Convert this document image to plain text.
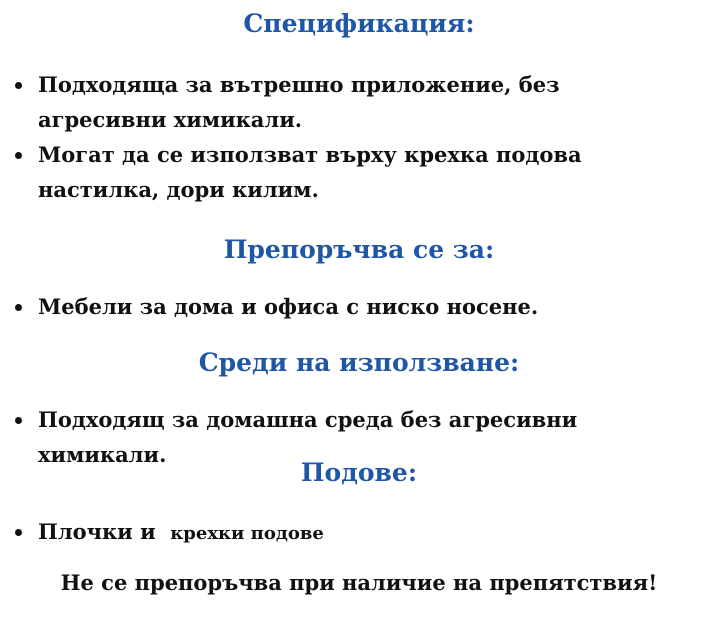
Спецификация:
Подходяща за вътрешно приложение, без агресивни химикали.
Могат да се използват върху крехка подова настилка, дори килим.
Препоръчва се за:
Мебели за дома и офиса с ниско носене.
Среди на използване:
Подходящ за домашна среда без агресивни химикали.
Подове:
Плочки и крехки подове

Не се препоръчва при наличие на препятствия!
